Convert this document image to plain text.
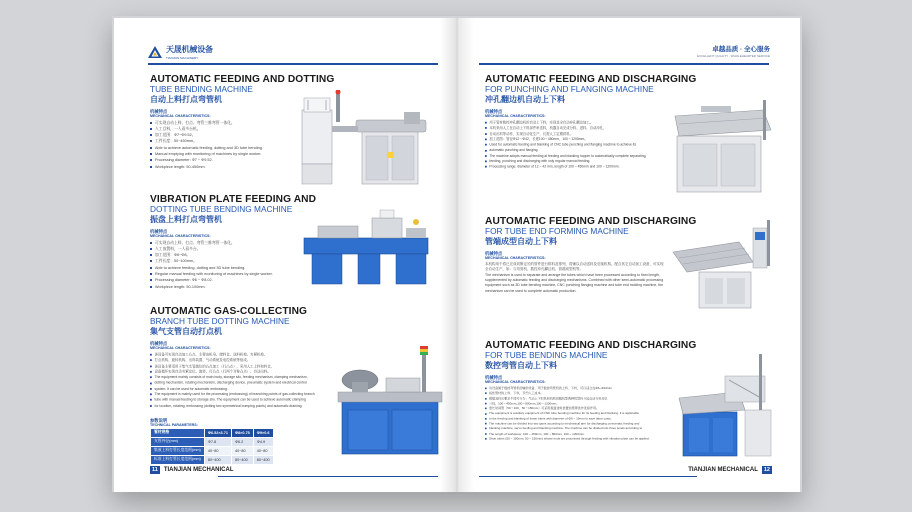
天晟机械设备
TIANJIAN MACHINERY
AUTOMATIC FEEDING AND DOTTING
TUBE BENDING MACHINE
自动上料打点弯管机
机械特点
MECHANICAL CHARACTERISTICS:
可实现自动上料、打点、弯管三维弯管一体化。
人工目料，一人看多台机。
加工范围：Φ7~Φ9.52。
工件长度：50~450mm。
Able to achieve automatic feeding, dotting and 3D tube bending.
Manual emptying with monitoring of machines by single worker.
Processing diameter: Φ7 ~ Φ9.52.
Workpiece length: 50-450mm.
VIBRATION PLATE FEEDING AND
DOTTING TUBE BENDING MACHINE
振盘上料打点弯管机
机械特点
MECHANICAL CHARACTERISTICS:
可实现自动上料、打点、弯管三维弯管一体化。
人工放置料，一人看多台。
加工范围：Φ6~Φ8。
工件长度：50~100mm。
Able to achieve feeding, dotting and 3D tube bending.
Regular manual feeding with monitoring of machines by single worker.
Processing diameter: Φ6 ~ Φ8.02.
Workpiece length: 50-100mm.
AUTOMATIC GAS-COLLECTING
BRANCH TUBE DOTTING MACHINE
集气支管自动打点机
机械特点
MECHANICAL CHARACTERISTICS:
该设备可实现自动加工凸点，主要由机身、储料仓、送料机构、夹紧机构、
打点机构、旋转机构、出料装置、气动系统及电控系统等组成。
该设备主要适用于集气支管端位的凸点加工（打凸点），采用人工上料和料仓，
设备循环实现自动夹紧定位、旋转、打凸点（打两个对称凸点）、自动出料。
The equipment mainly consists of main body, storage silo, feeding mechanism, clamping mechanism,
dotting mechanism, rotating mechanism, discharging device, pneumatic system and electrical control
system. It can be used for automatic embossing.
The equipment is mainly used for the processing (embossing) of branching points of gas-collecting branch
tube with manual feeding to storage silo. The equipment can be used to achieve automatic clamping
for location, rotating, embossing (dotting two symmetrical bumping points) and automatic draining.
参数说明
TECHNICAL PARAMETERS:
管材规格	Φ6.52×3.71	Φ8×0.75	Φ9×0.6
支管外径(mm)	Φ7.8	Φ6.2	Φ4.9
集液上料打管长度范围(mm)	40~80	40~80	40~80
标准上料打管长度范围(mm)	80~400	80~400	80~400
11	TIANJIAN MECHANICAL
卓越品质 · 全心服务
EXCELLENT QUALITY · WHOLEHEARTED SERVICE
AUTOMATIC FEEDING AND DISCHARGING
FOR PUNCHING AND FLANGING MACHINE
冲孔翻边机自动上下料
机械特点
MECHANICAL CHARACTERISTICS:
用于管材数控冲孔翻边机的自动上下料，实现其全自动冲孔翻边加工。
本机采用人工在自动上下料部件串送料，机器自动完成分料、进料、自动冲孔、
自动出料等动作，实现自动化生产，仅需人工定期供料。
加工范围：管径Φ12～Φ42，长度100～450mm，100～1200mm。
Used for automatic feeding and blanking of CNC tube punching and flanging machine to achieve its
automatic punching and flanging.
The machine adopts manual feeding at feeding and blanking hopper to automatically complete separating,
feeding, punching and discharging with only regular manual feeding.
Processing range: diameter of 12 ~ 42 mm, length of 100 ~ 450mm and 100 ~ 1200mm.
AUTOMATIC FEEDING AND DISCHARGING
FOR TUBE END FORMING MACHINE
管端成型自动上下料
机械特点
MECHANICAL CHARACTERISTICS:
本机构用于将已完成切断定长的管件进行排料及排列，将铺以自动送料及后续机构，配合其它自动加工设备，可实现全自动生产，如：与弯管机、数控冲孔翻边机、管端成型机等。
The mechanism is used to separate and arrange the tubes which have been processed according to fixed length, supplemented by automatic feeding and discharging mechanisms. Combined with other semi-automatic processing equipment such as 3D tube bending machine, CNC punching flanging machine and tube end molding machine, the mechanism can be used to complete automatic production.
AUTOMATIC FEEDING AND DISCHARGING
FOR TUBE BENDING MACHINE
数控弯管自动上下料
机械特点
MECHANICAL CHARACTERISTICS:
该设备属于数控弯管机的辅助设备，用于数控弯管机的上料、下料，可以适合在Φ6~Φ19mm
线性管材的上料、下料，节约人工成本。
根据其料长要求不同可分为：气动上下料机和机构伺服机型两种机型料斗能自动分料对位
三档，100～450mm,100～800mm,100～1200mm。
更长时间管（50～100、50～150mm）可采用振盘送料装置加管筛选作连接作用。
The equipment is auxiliary equipment of CNC tube bending machine for its feeding and blanking. It is applicable
to the feeding and blanking of linear tubes with diameter of Φ6 ~ 19mm to save labor costs.
The machine can be divided into two types according to mechanical arm for discharging: pneumatic feeding and
blanking machine, servo feeding and blanking machine. The machine can be divided into three levels according to
The length of workpiece: 100 ~ 450mm, 100 ~ 800mm, 100 ~ 1200mm.
Short tubes (50 ~ 100mm, 50 ~ 150mm) whose ends are processed through feeding with vibration plate can be applied.
TIANJIAN MECHANICAL	12
